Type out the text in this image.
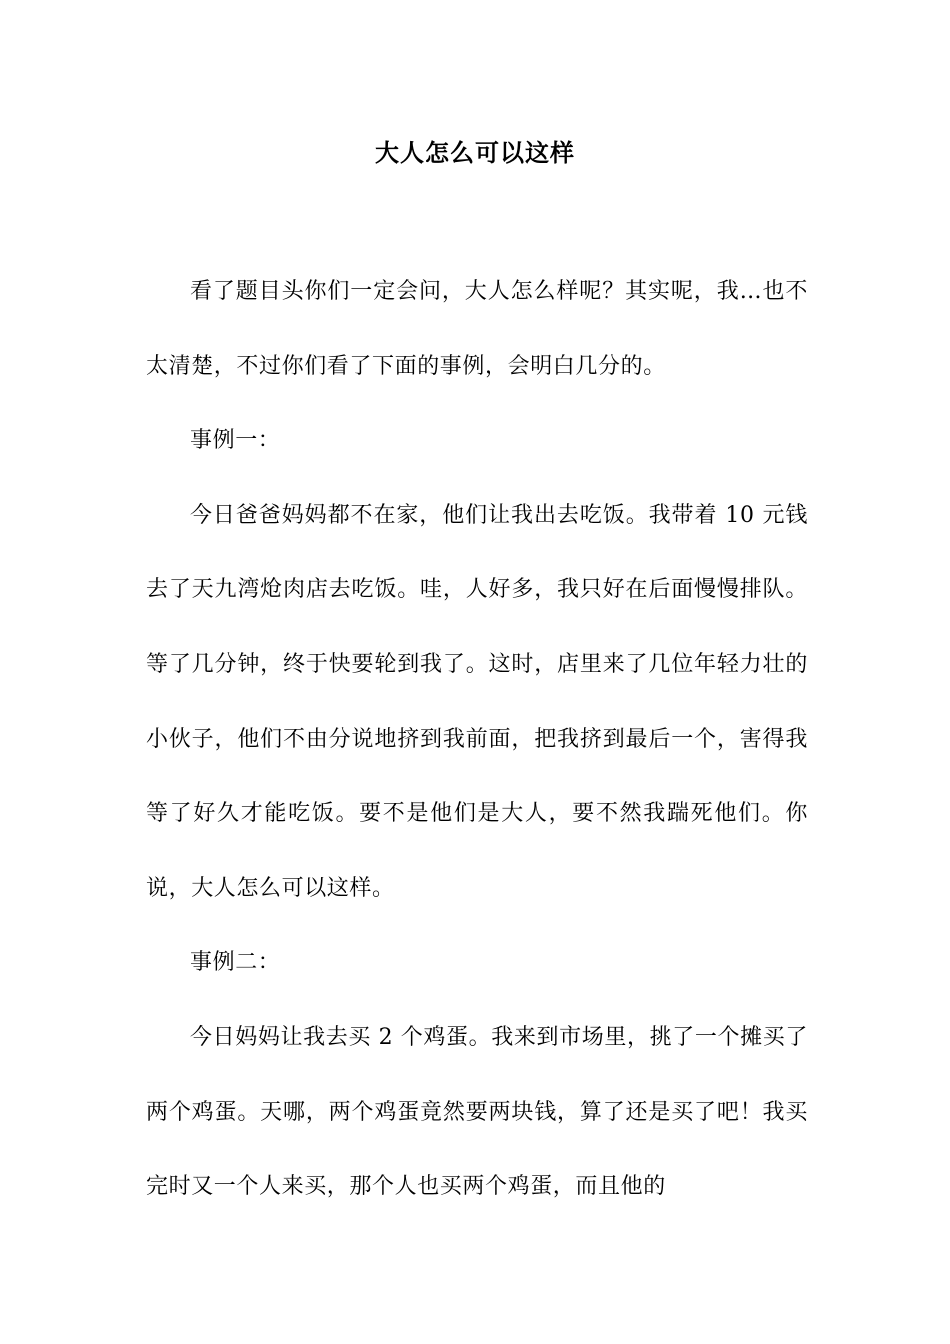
大人怎么可以这样

看了题目头你们一定会问，大人怎么样呢？其实呢，我…也不太清楚，不过你们看了下面的事例，会明白几分的。

事例一：

今日爸爸妈妈都不在家，他们让我出去吃饭。我带着 10 元钱去了天九湾炝肉店去吃饭。哇，人好多，我只好在后面慢慢排队。等了几分钟，终于快要轮到我了。这时，店里来了几位年轻力壮的小伙子，他们不由分说地挤到我前面，把我挤到最后一个，害得我等了好久才能吃饭。要不是他们是大人，要不然我踹死他们。你说，大人怎么可以这样。

事例二：

今日妈妈让我去买 2 个鸡蛋。我来到市场里，挑了一个摊买了两个鸡蛋。天哪，两个鸡蛋竟然要两块钱，算了还是买了吧！我买完时又一个人来买，那个人也买两个鸡蛋，而且他的
